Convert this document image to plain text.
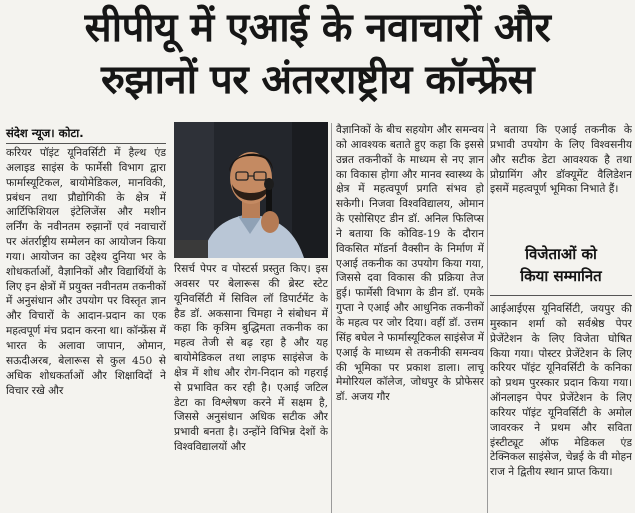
सीपीयू में एआई के नवाचारों और
रुझानों पर अंतरराष्ट्रीय कॉन्फ्रेंस
संदेश न्यूज। कोटा.
करियर पॉइंट यूनिवर्सिटी में हैल्थ एंड अलाइड साइंस के फार्मेसी विभाग द्वारा फार्मास्यूटिकल, बायोमेडिकल, मानविकी, प्रबंधन तथा प्रौद्योगिकी के क्षेत्र में आर्टिफिशियल इंटेलिजेंस और मशीन लर्निंग के नवीनतम रुझानों एवं नवाचारों पर अंतर्राष्ट्रीय सम्मेलन का आयोजन किया गया। आयोजन का उद्देश्य दुनिया भर के शोधकर्ताओं, वैज्ञानिकों और विद्यार्थियों के लिए इन क्षेत्रों में प्रयुक्त नवीनतम तकनीकों में अनुसंधान और उपयोग पर विस्तृत ज्ञान और विचारों के आदान-प्रदान का एक महत्वपूर्ण मंच प्रदान करना था। कॉन्फ्रेंस में भारत के अलावा जापान, ओमान, सऊदीअरब, बेलारूस से कुल 450 से अधिक शोधकर्ताओं और शिक्षाविदों ने विचार रखे और
रिसर्च पेपर व पोस्टर्स प्रस्तुत किए। इस अवसर पर बेलारूस की ब्रेस्ट स्टेट यूनिवर्सिटी में सिविल लॉ डिपार्टमेंट के हैड डॉ. अकसाना चिमहा ने संबोधन में कहा कि कृत्रिम बुद्धिमता तकनीक का महत्व तेजी से बढ़ रहा है और यह बायोमेडिकल तथा लाइफ साइंसेज के क्षेत्र में शोध और रोग-निदान को गहराई से प्रभावित कर रही है। एआई जटिल डेटा का विश्लेषण करने में सक्षम है, जिससे अनुसंधान अधिक सटीक और प्रभावी बनता है। उन्होंने विभिन्न देशों के विश्वविद्यालयों और
वैज्ञानिकों के बीच सहयोग और समन्वय को आवश्यक बताते हुए कहा कि इससे उन्नत तकनीकों के माध्यम से नए ज्ञान का विकास होगा और मानव स्वास्थ्य के क्षेत्र में महत्वपूर्ण प्रगति संभव हो सकेगी। निजवा विश्वविद्यालय, ओमान के एसोसिएट डीन डॉ. अनिल फिलिप्स ने बताया कि कोविड-19 के दौरान विकसित मॉडर्ना वैक्सीन के निर्माण में एआई तकनीक का उपयोग किया गया, जिससे दवा विकास की प्रक्रिया तेज हुई। फार्मेसी विभाग के डीन डॉ. एमके गुप्ता ने एआई और आधुनिक तकनीकों के महत्व पर जोर दिया। वहीं डॉ. उत्तम सिंह बघेल ने फार्मास्यूटिकल साइंसेज में एआई के माध्यम से तकनीकी समन्वय की भूमिका पर प्रकाश डाला। लाचू मेमोरियल कॉलेज, जोधपुर के प्रोफेसर डॉ. अजय गौर
ने बताया कि एआई तकनीक के प्रभावी उपयोग के लिए विश्वसनीय और सटीक डेटा आवश्यक है तथा प्रोग्रामिंग और डॉक्यूमेंट वैलिडेशन इसमें महत्वपूर्ण भूमिका निभाते हैं।
विजेताओं को
किया सम्मानित
आईआईएस यूनिवर्सिटी, जयपुर की मुस्कान शर्मा को सर्वश्रेष्ठ पेपर प्रेजेंटेशन के लिए विजेता घोषित किया गया। पोस्टर प्रेजेंटेशन के लिए करियर पॉइंट यूनिवर्सिटी के कनिका को प्रथम पुरस्कार प्रदान किया गया। ऑनलाइन पेपर प्रेजेंटेशन के लिए करियर पॉइंट यूनिवर्सिटी के अमोल जावरकर ने प्रथम और सविता इंस्टीट्यूट ऑफ मेडिकल एंड टेक्निकल साइंसेज, चेन्नई के वी मोहन राज ने द्वितीय स्थान प्राप्त किया।
